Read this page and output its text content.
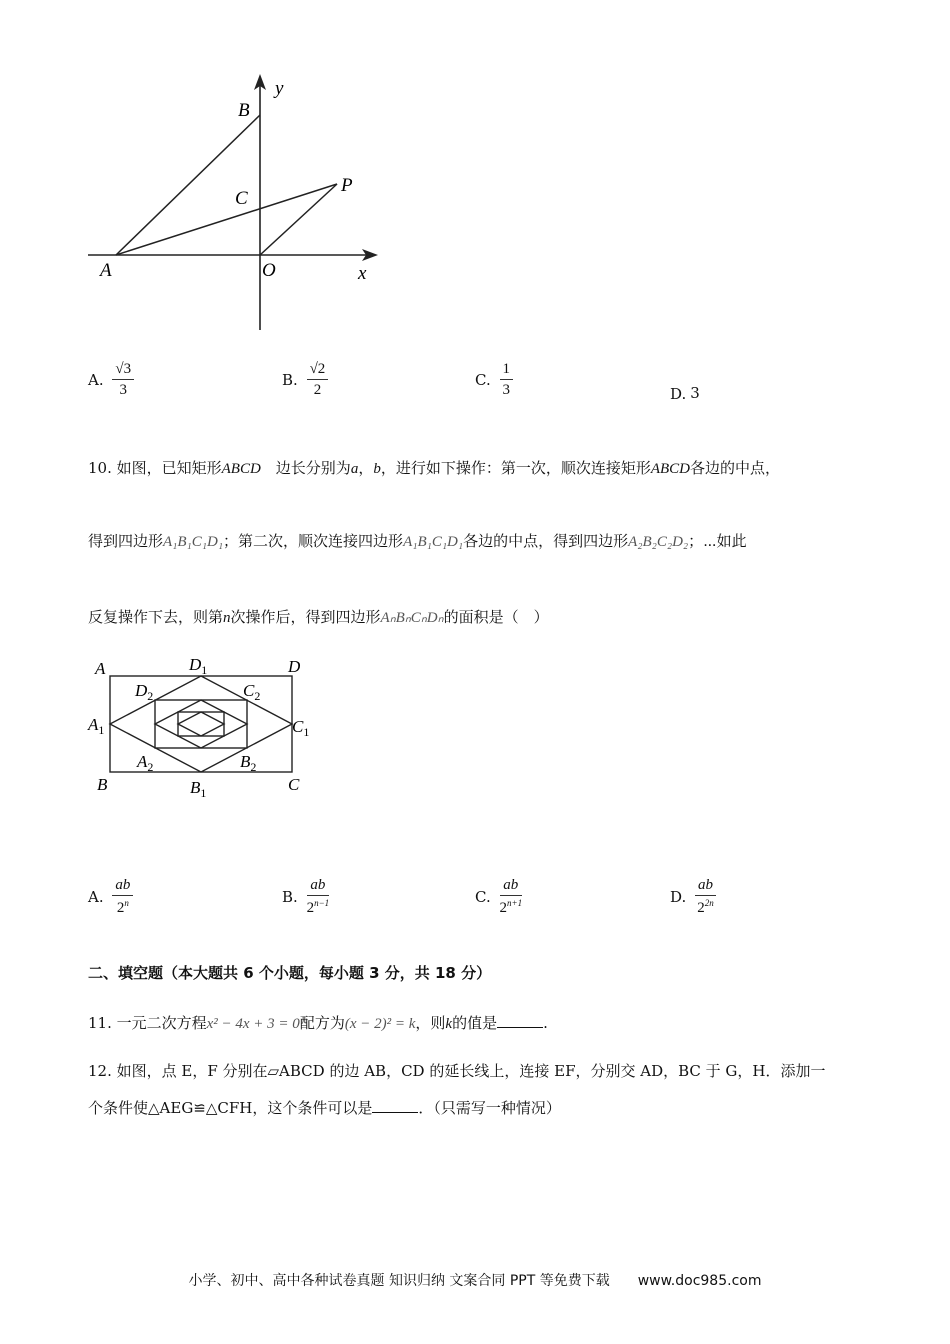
y
B
C
P
A	O	x
A. $\frac{√3}{3}$	B. $\frac{√2}{2}$	C. $\frac{1}{3}$	D. 3
10. 如图，已知矩形ABCD　边长分别为a，b，进行如下操作：第一次，顺次连接矩形ABCD各边的中点，
得到四边形A₁B₁C₁D₁；第二次，顺次连接四边形A₁B₁C₁D₁各边的中点，得到四边形A₂B₂C₂D₂；⋯如此
反复操作下去，则第n次操作后，得到四边形AₙBₙCₙDₙ的面积是（　）
A	$D_1$	D
$D_2$	$C_2$
$A_1$	$C_1$
$A_2$	$B_2$
B	$B_1$	C
A. $\frac{ab}{2^n}$	B. $\frac{ab}{2^{n-1}}$	C. $\frac{ab}{2^{n+1}}$	D. $\frac{ab}{2^{2n}}$
二、填空题（本大题共 6 个小题，每小题 3 分，共 18 分）
11. 一元二次方程x² − 4x + 3 = 0配方为(x − 2)² = k，则k的值是	.
12. 如图，点 E，F 分别在▱ABCD 的边 AB，CD 的延长线上，连接 EF，分别交 AD，BC 于 G，H．添加一
个条件使△AEG≌△CFH，这个条件可以是	．（只需写一种情况）
小学、初中、高中各种试卷真题 知识归纳 文案合同 PPT 等免费下载　　www.doc985.com
